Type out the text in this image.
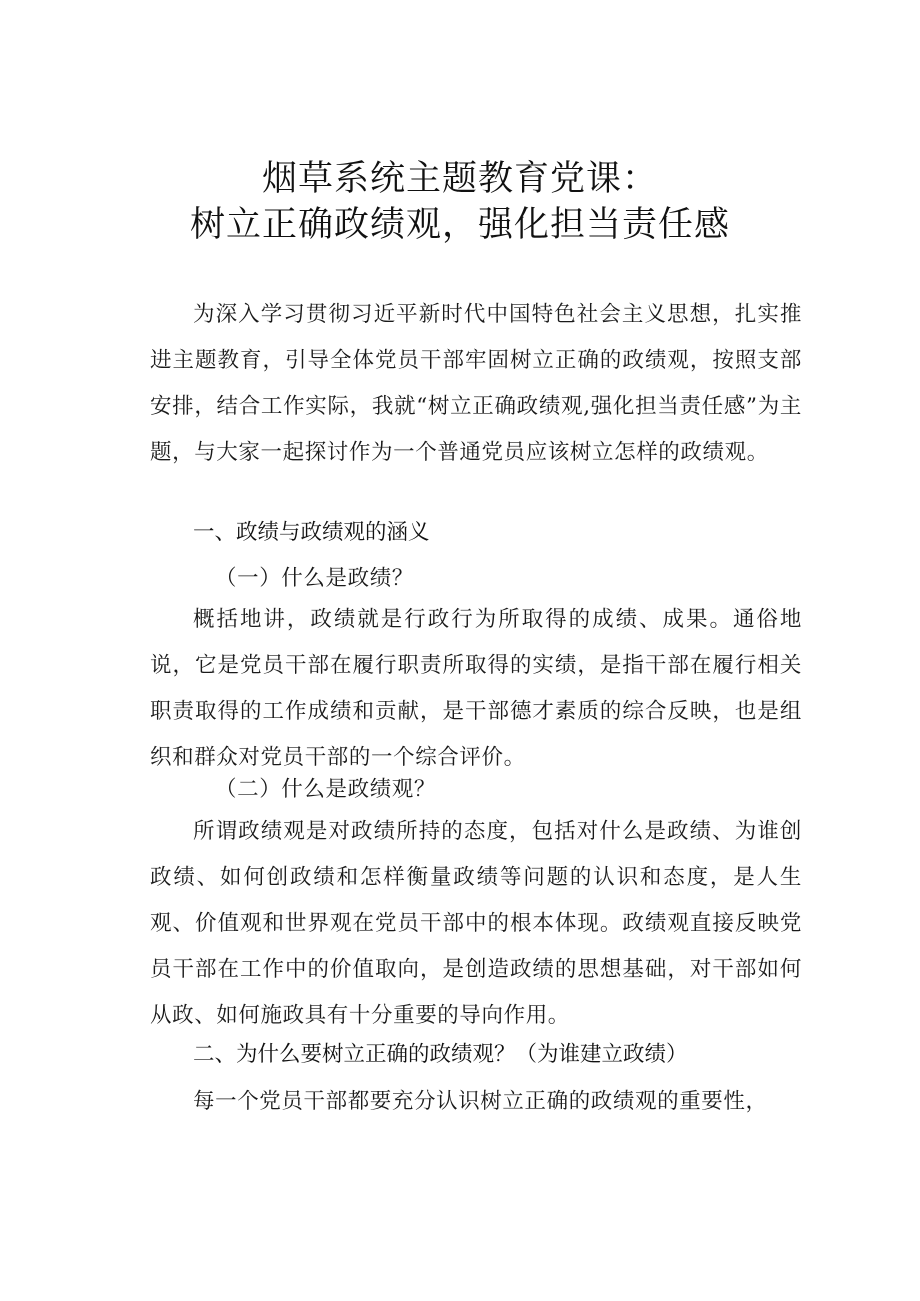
烟草系统主题教育党课：
树立正确政绩观，强化担当责任感
为深入学习贯彻习近平新时代中国特色社会主义思想，扎实推进主题教育，引导全体党员干部牢固树立正确的政绩观，按照支部安排，结合工作实际，我就“树立正确政绩观,强化担当责任感”为主题，与大家一起探讨作为一个普通党员应该树立怎样的政绩观。
一、政绩与政绩观的涵义
（一）什么是政绩？
概括地讲，政绩就是行政行为所取得的成绩、成果。通俗地说，它是党员干部在履行职责所取得的实绩，是指干部在履行相关职责取得的工作成绩和贡献，是干部德才素质的综合反映，也是组织和群众对党员干部的一个综合评价。
（二）什么是政绩观？
所谓政绩观是对政绩所持的态度，包括对什么是政绩、为谁创政绩、如何创政绩和怎样衡量政绩等问题的认识和态度，是人生观、价值观和世界观在党员干部中的根本体现。政绩观直接反映党员干部在工作中的价值取向，是创造政绩的思想基础，对干部如何从政、如何施政具有十分重要的导向作用。
二、为什么要树立正确的政绩观？（为谁建立政绩）
每一个党员干部都要充分认识树立正确的政绩观的重要性，
